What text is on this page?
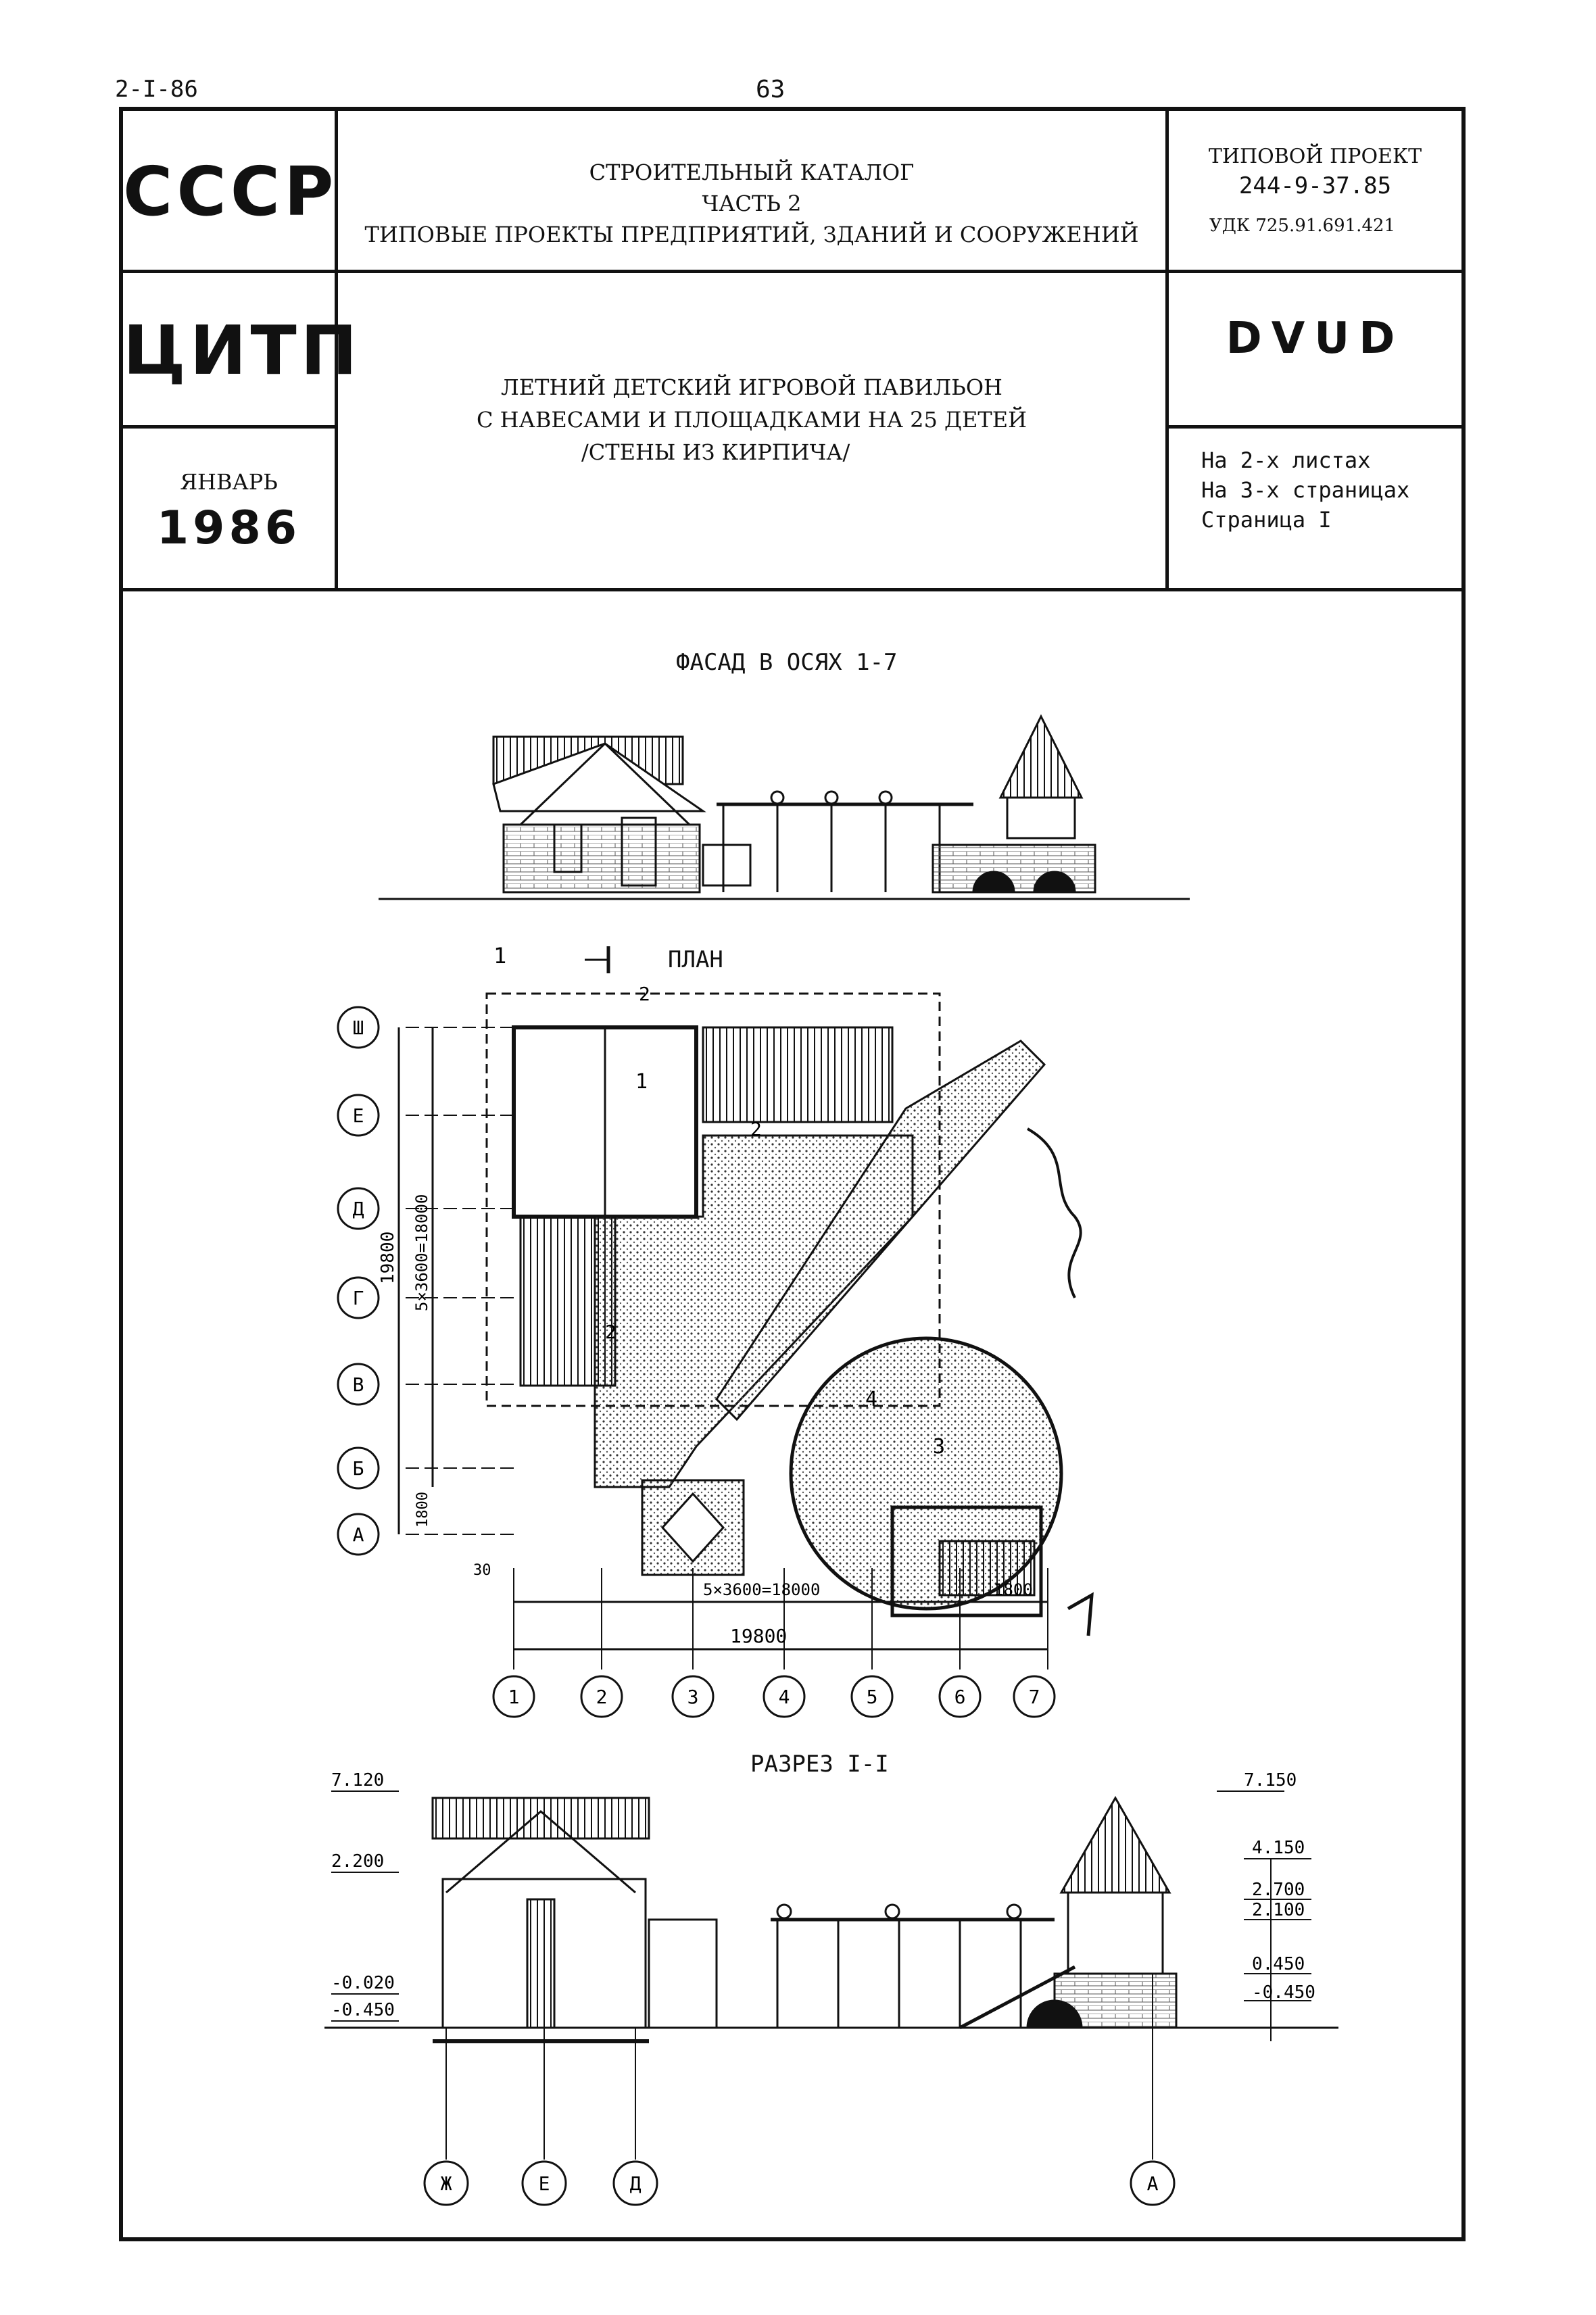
2-I-86	63
СССР
ЦИТП
ЯНВАРЬ
1986
СТРОИТЕЛЬНЫЙ КАТАЛОГ
ЧАСТЬ 2
ТИПОВЫЕ ПРОЕКТЫ ПРЕДПРИЯТИЙ, ЗДАНИЙ И СООРУЖЕНИЙ
ЛЕТНИЙ ДЕТСКИЙ ИГРОВОЙ ПАВИЛЬОН
С НАВЕСАМИ И ПЛОЩАДКАМИ НА 25 ДЕТЕЙ
/СТЕНЫ ИЗ КИРПИЧА/
ТИПОВОЙ ПРОЕКТ
244-9-37.85
УДК 725.91.691.421
DVUD
На 2-х листах
На 3-х страницах
Страница I
ФАСАД В ОСЯХ 1-7
ПЛАН
РАЗРЕЗ I-I
1
1
2
2
3
4
2
19800 5×3600=18000
1800
30
5×3600=18000	1800
19800
Ш
Е
Д
Г
В
Б
А
1	2	3	4	5	6	7
7.120
2.200
-0.020
-0.450
7.150
4.150
2.700
2.100
0.450
-0.450
Ж	Е	Д	А
